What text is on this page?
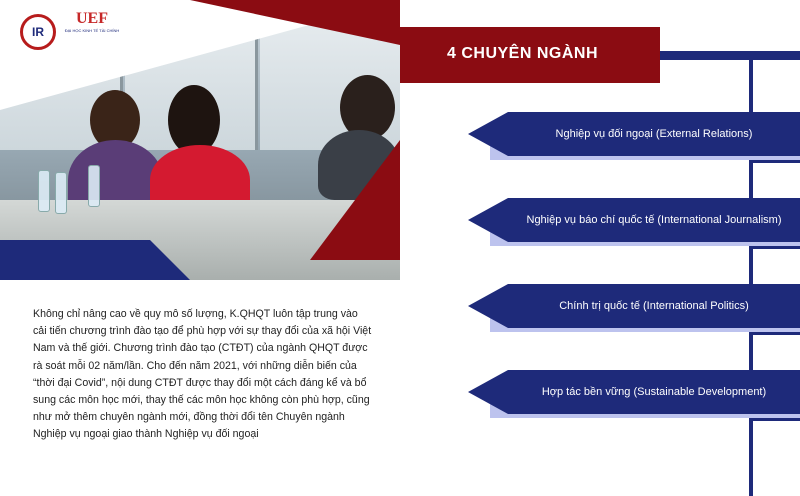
IR
UEF
ĐẠI HỌC KINH TẾ TÀI CHÍNH
Không chỉ nâng cao về quy mô số lượng, K.QHQT luôn tập trung vào cải tiến chương trình đào tạo để phù hợp với sự thay đổi của xã hội Việt Nam và thế giới. Chương trình đào tạo (CTĐT) của ngành QHQT được rà soát mỗi 02 năm/lần. Cho đến năm 2021, với những diễn biến của “thời đại Covid”, nội dung CTĐT được thay đổi một cách đáng kể và bổ sung các môn học mới, thay thế các môn học không còn phù hợp, cũng như mở thêm chuyên ngành mới, đồng thời đổi tên Chuyên ngành Nghiệp vụ ngoại giao thành Nghiệp vụ đối ngoại
4 CHUYÊN NGÀNH
Nghiệp vụ đối ngoại (External Relations)
Nghiệp vụ báo chí quốc tế (International Journalism)
Chính trị quốc tế (International Politics)
Hợp tác bền vững (Sustainable Development)
